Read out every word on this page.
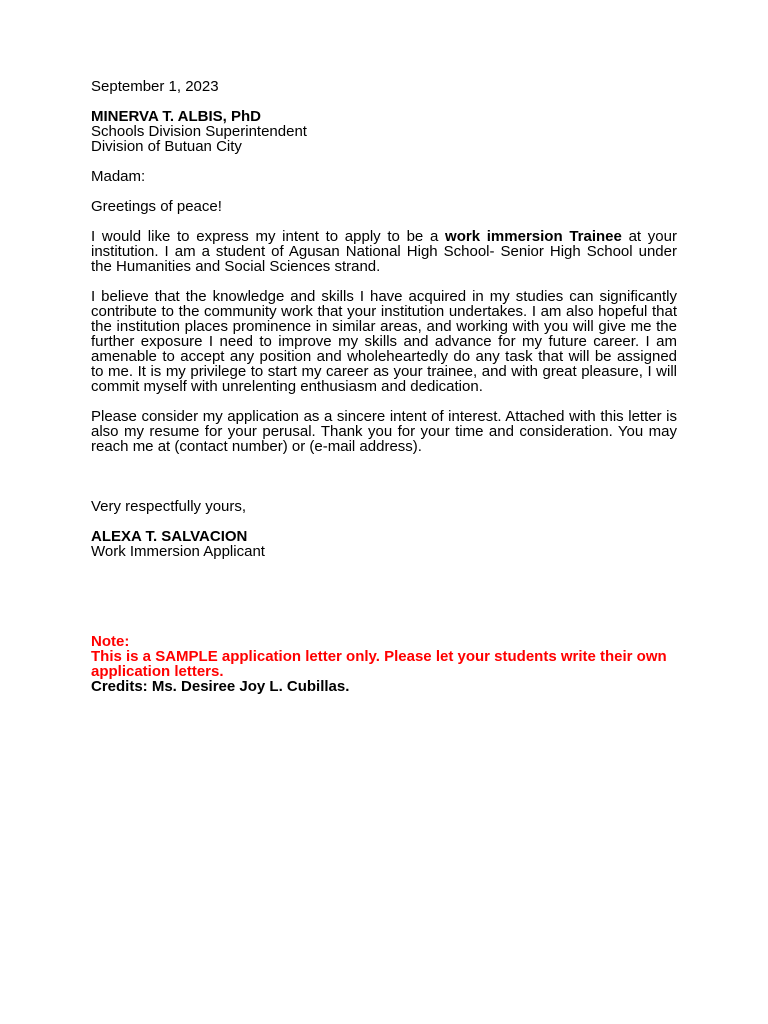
September 1, 2023
MINERVA T. ALBIS, PhD
Schools Division Superintendent
Division of Butuan City
Madam:
Greetings of peace!

I would like to express my intent to apply to be a work immersion Trainee at your institution. I am a student of Agusan National High School- Senior High School under the Humanities and Social Sciences strand.

I believe that the knowledge and skills I have acquired in my studies can significantly contribute to the community work that your institution undertakes. I am also hopeful that the institution places prominence in similar areas, and working with you will give me the further exposure I need to improve my skills and advance for my future career. I am amenable to accept any position and wholeheartedly do any task that will be assigned to me. It is my privilege to start my career as your trainee, and with great pleasure, I will commit myself with unrelenting enthusiasm and dedication.

Please consider my application as a sincere intent of interest. Attached with this letter is also my resume for your perusal. Thank you for your time and consideration. You may reach me at (contact number) or (e-mail address).

Very respectfully yours,
ALEXA T. SALVACION
Work Immersion Applicant
Note:

This is a SAMPLE application letter only. Please let your students write their own application letters.

Credits: Ms. Desiree Joy L. Cubillas.
